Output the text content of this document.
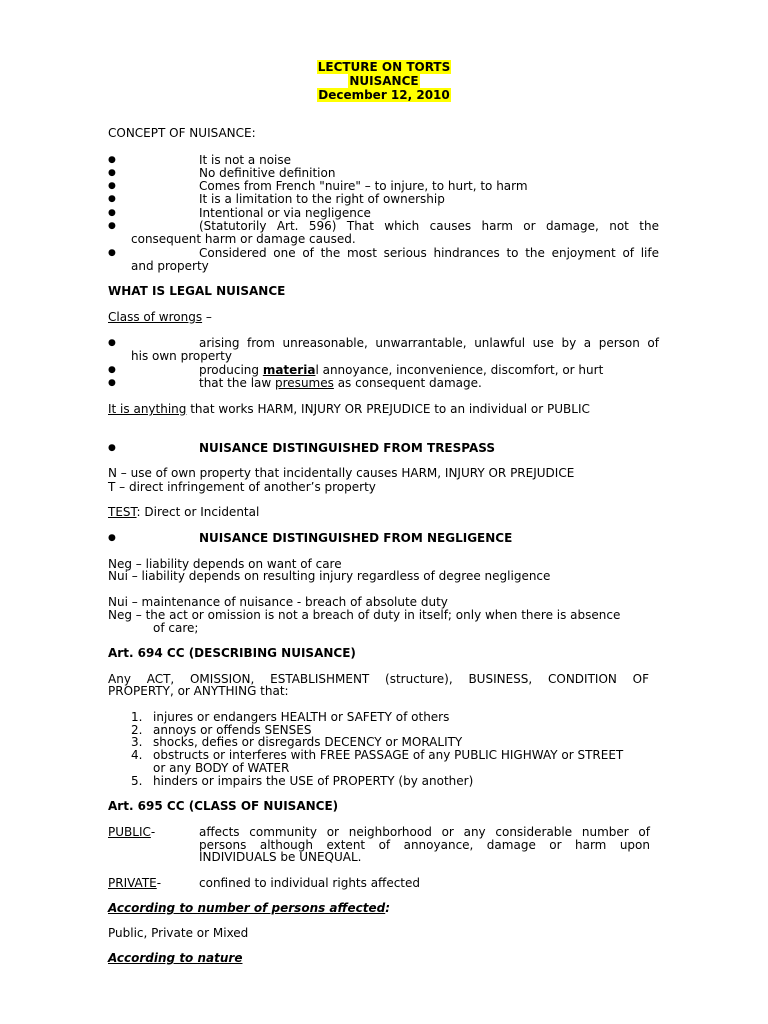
LECTURE ON TORTS
NUISANCE
December 12, 2010
CONCEPT OF NUISANCE:
●	It is not a noise
●	No definitive definition
●	Comes from French "nuire" – to injure, to hurt, to harm
●	It is a limitation to the right of ownership
●	Intentional or via negligence
●	(Statutorily Art. 596) That which causes harm or damage, not the
consequent harm or damage caused.
●	Considered one of the most serious hindrances to the enjoyment of life
and property
WHAT IS LEGAL NUISANCE
Class of wrongs –
●	arising from unreasonable, unwarrantable, unlawful use by a person of
his own property
●	producing material annoyance, inconvenience, discomfort, or hurt
●	that the law presumes as consequent damage.
It is anything that works HARM, INJURY OR PREJUDICE to an individual or PUBLIC
●	NUISANCE DISTINGUISHED FROM TRESPASS
N – use of own property that incidentally causes HARM, INJURY OR PREJUDICE
T – direct infringement of another’s property
TEST: Direct or Incidental
●	NUISANCE DISTINGUISHED FROM NEGLIGENCE
Neg – liability depends on want of care
Nui – liability depends on resulting injury regardless of degree negligence
Nui – maintenance of nuisance - breach of absolute duty
Neg – the act or omission is not a breach of duty in itself; only when there is absence
of care;
Art. 694 CC (DESCRIBING NUISANCE)
Any ACT, OMISSION, ESTABLISHMENT (structure), BUSINESS, CONDITION OF
PROPERTY, or ANYTHING that:
1. injures or endangers HEALTH or SAFETY of others
2. annoys or offends SENSES
3. shocks, defies or disregards DECENCY or MORALITY
4. obstructs or interferes with FREE PASSAGE of any PUBLIC HIGHWAY or STREET
or any BODY of WATER
5. hinders or impairs the USE of PROPERTY (by another)
Art. 695 CC (CLASS OF NUISANCE)
PUBLIC-	affects community or neighborhood or any considerable number of
persons although extent of annoyance, damage or harm upon
INDIVIDUALS be UNEQUAL.
PRIVATE-	confined to individual rights affected
According to number of persons affected:
Public, Private or Mixed
According to nature
